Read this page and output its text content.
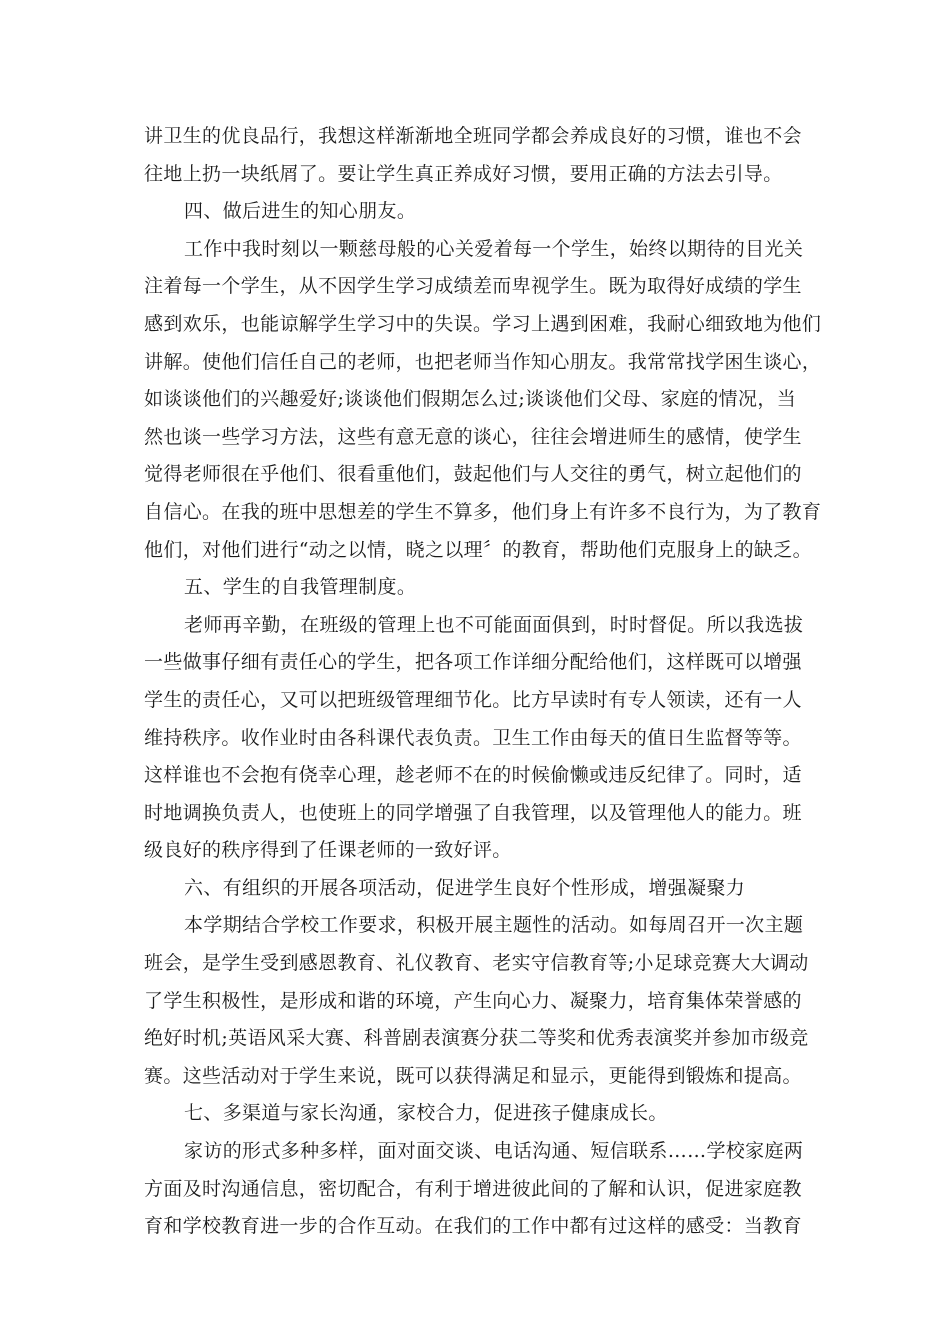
讲卫生的优良品行，我想这样渐渐地全班同学都会养成良好的习惯，谁也不会
往地上扔一块纸屑了。要让学生真正养成好习惯，要用正确的方法去引导。
四、做后进生的知心朋友。
工作中我时刻以一颗慈母般的心关爱着每一个学生，始终以期待的目光关
注着每一个学生，从不因学生学习成绩差而卑视学生。既为取得好成绩的学生
感到欢乐，也能谅解学生学习中的失误。学习上遇到困难，我耐心细致地为他们
讲解。使他们信任自己的老师，也把老师当作知心朋友。我常常找学困生谈心，
如谈谈他们的兴趣爱好;谈谈他们假期怎么过;谈谈他们父母、家庭的情况，当
然也谈一些学习方法，这些有意无意的谈心，往往会增进师生的感情，使学生
觉得老师很在乎他们、很看重他们，鼓起他们与人交往的勇气，树立起他们的
自信心。在我的班中思想差的学生不算多，他们身上有许多不良行为，为了教育
他们，对他们进行“动之以情，晓之以理〞的教育，帮助他们克服身上的缺乏。
五、学生的自我管理制度。
老师再辛勤，在班级的管理上也不可能面面俱到，时时督促。所以我选拔
一些做事仔细有责任心的学生，把各项工作详细分配给他们，这样既可以增强
学生的责任心，又可以把班级管理细节化。比方早读时有专人领读，还有一人
维持秩序。收作业时由各科课代表负责。卫生工作由每天的值日生监督等等。
这样谁也不会抱有侥幸心理，趁老师不在的时候偷懒或违反纪律了。同时，适
时地调换负责人，也使班上的同学增强了自我管理，以及管理他人的能力。班
级良好的秩序得到了任课老师的一致好评。
六、有组织的开展各项活动，促进学生良好个性形成，增强凝聚力
本学期结合学校工作要求，积极开展主题性的活动。如每周召开一次主题
班会，是学生受到感恩教育、礼仪教育、老实守信教育等;小足球竞赛大大调动
了学生积极性，是形成和谐的环境，产生向心力、凝聚力，培育集体荣誉感的
绝好时机;英语风采大赛、科普剧表演赛分获二等奖和优秀表演奖并参加市级竞
赛。这些活动对于学生来说，既可以获得满足和显示，更能得到锻炼和提高。
七、多渠道与家长沟通，家校合力，促进孩子健康成长。
家访的形式多种多样，面对面交谈、电话沟通、短信联系……学校家庭两
方面及时沟通信息，密切配合，有利于增进彼此间的了解和认识，促进家庭教
育和学校教育进一步的合作互动。在我们的工作中都有过这样的感受：当教育
